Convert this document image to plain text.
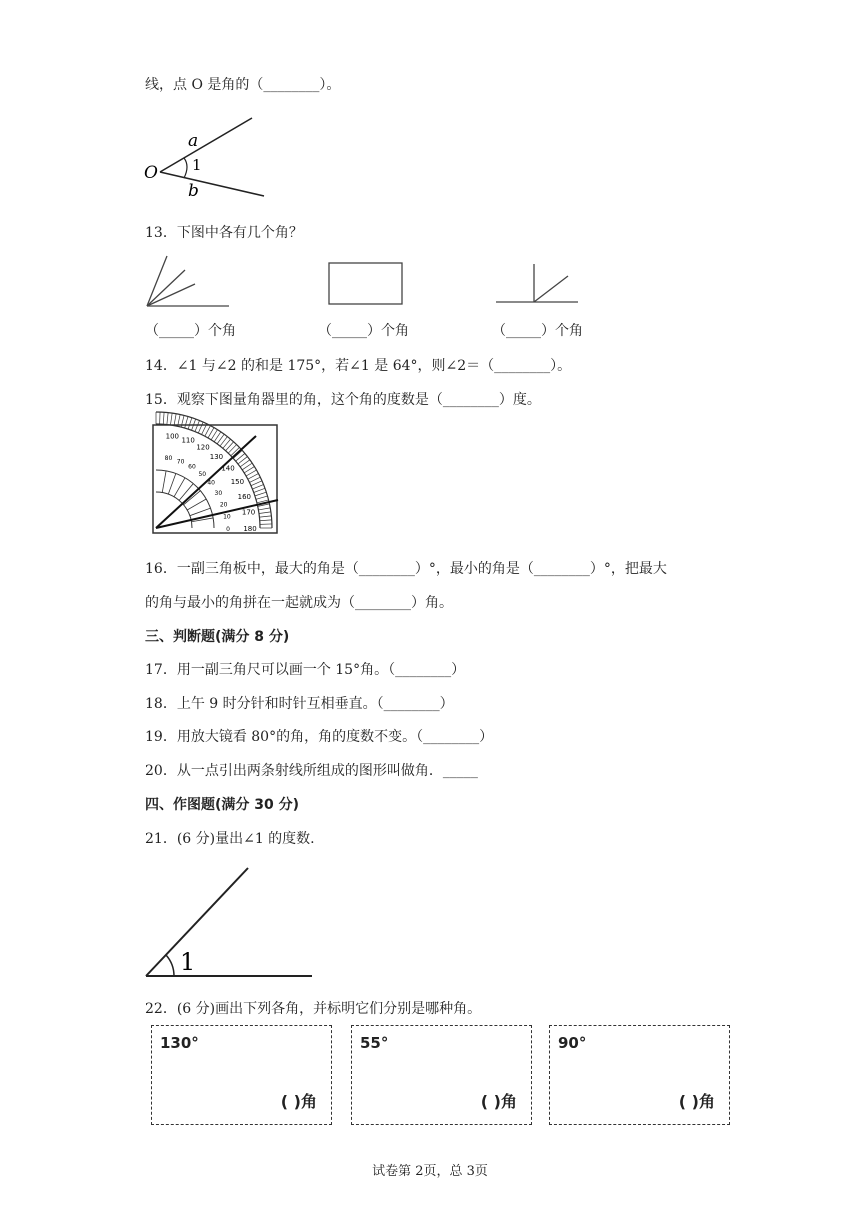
线，点 O 是角的（________）。
a
b
O 1
13．下图中各有几个角？
（_____）个角	（_____）个角	（_____）个角
14．∠1 与∠2 的和是 175°，若∠1 是 64°，则∠2＝（________）。
15．观察下图量角器里的角，这个角的度数是（________）度。
100
110
120
130
140
150
160
170
180
80 70
60
50
40
30
20
10
0
16．一副三角板中，最大的角是（________）°，最小的角是（________）°，把最大
的角与最小的角拼在一起就成为（________）角。
三、判断题(满分 8 分)
17．用一副三角尺可以画一个 15°角。（________）
18．上午 9 时分针和时针互相垂直。（________）
19．用放大镜看 80°的角，角的度数不变。（________）
20．从一点引出两条射线所组成的图形叫做角．_____
四、作图题(满分 30 分)
21．(6 分)量出∠1 的度数.
1
22．(6 分)画出下列各角，并标明它们分别是哪种角。
130°
( )角
55°
( )角
90°
( )角
试卷第 2页，总 3页
